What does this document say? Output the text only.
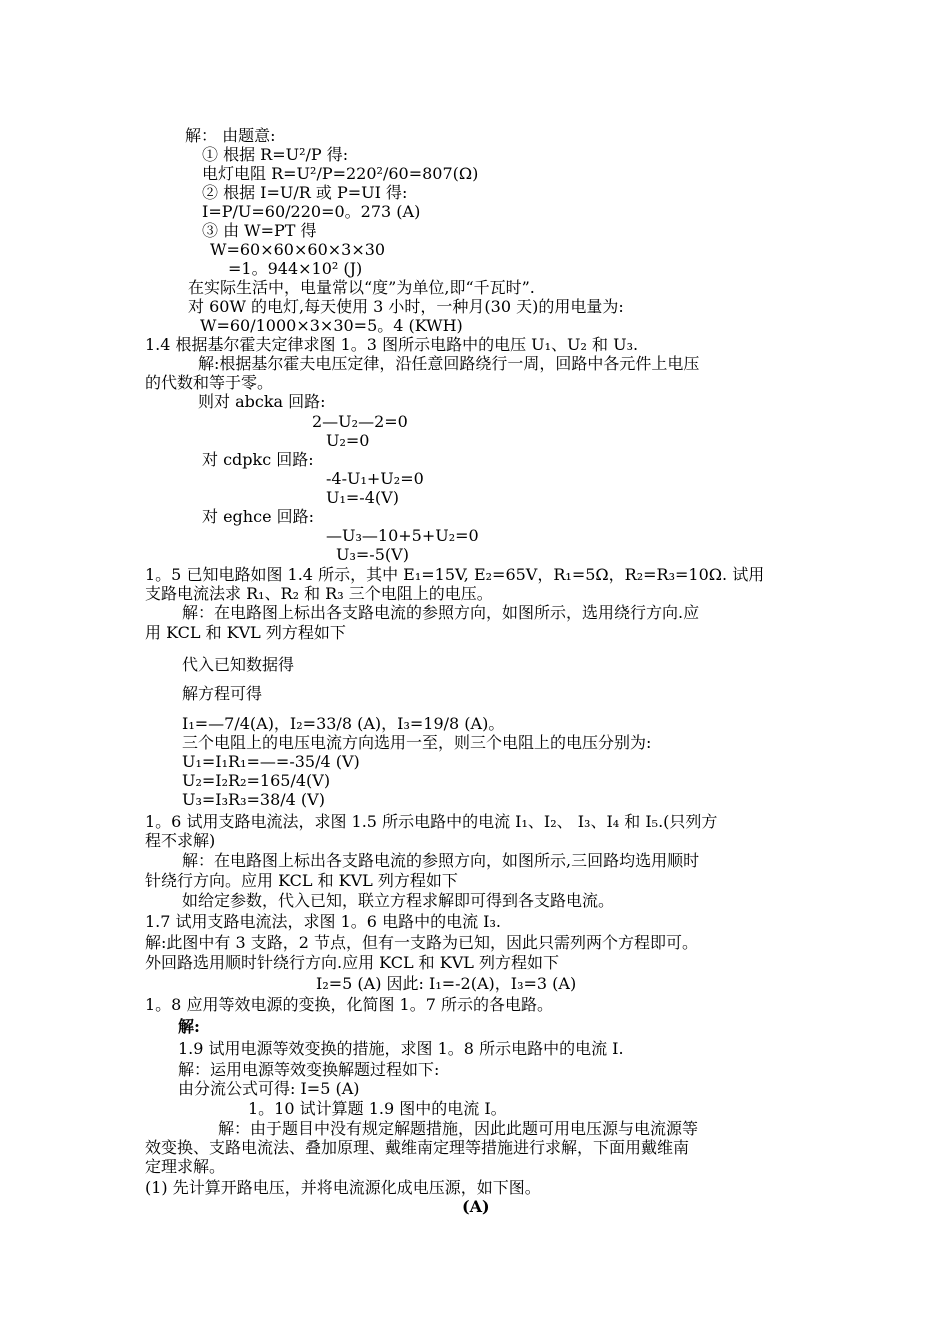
解： 由题意:
① 根据 R=U²/P 得:
电灯电阻 R=U²/P=220²/60=807(Ω)
② 根据 I=U/R 或 P=UI 得:
I=P/U=60/220=0。273 (A)
③ 由 W=PT 得
W=60×60×60×3×30
=1。944×10² (J)
在实际生活中，电量常以“度”为单位,即“千瓦时”.
对 60W 的电灯,每天使用 3 小时，一种月(30 天)的用电量为:
W=60/1000×3×30=5。4 (KWH)
1.4 根据基尔霍夫定律求图 1。3 图所示电路中的电压 U₁、U₂ 和 U₃.
解:根据基尔霍夫电压定律，沿任意回路绕行一周，回路中各元件上电压
的代数和等于零。
则对 abcka 回路:
2—U₂—2=0
U₂=0
对 cdpkc 回路:
-4-U₁+U₂=0
U₁=-4(V)
对 eghce 回路:
—U₃—10+5+U₂=0
U₃=-5(V)
1。5 已知电路如图 1.4 所示，其中 E₁=15V, E₂=65V，R₁=5Ω，R₂=R₃=10Ω. 试用
支路电流法求 R₁、R₂ 和 R₃ 三个电阻上的电压。
解：在电路图上标出各支路电流的参照方向，如图所示，选用绕行方向.应
用 KCL 和 KVL 列方程如下
代入已知数据得
解方程可得
I₁=—7/4(A)，I₂=33/8 (A)，I₃=19/8 (A)。
三个电阻上的电压电流方向选用一至，则三个电阻上的电压分别为:
U₁=I₁R₁=—=-35/4 (V)
U₂=I₂R₂=165/4(V)
U₃=I₃R₃=38/4 (V)
1。6 试用支路电流法，求图 1.5 所示电路中的电流 I₁、I₂、 I₃、I₄ 和 I₅.(只列方
程不求解)
解：在电路图上标出各支路电流的参照方向，如图所示,三回路均选用顺时
针绕行方向。应用 KCL 和 KVL 列方程如下
如给定参数，代入已知，联立方程求解即可得到各支路电流。
1.7 试用支路电流法，求图 1。6 电路中的电流 I₃.
解:此图中有 3 支路，2 节点，但有一支路为已知，因此只需列两个方程即可。
外回路选用顺时针绕行方向.应用 KCL 和 KVL 列方程如下
I₂=5 (A) 因此: I₁=-2(A)，I₃=3 (A)
1。8 应用等效电源的变换，化简图 1。7 所示的各电路。
解:
1.9 试用电源等效变换的措施，求图 1。8 所示电路中的电流 I.
解：运用电源等效变换解题过程如下:
由分流公式可得: I=5 (A)
1。10 试计算题 1.9 图中的电流 I。
解：由于题目中没有规定解题措施，因此此题可用电压源与电流源等
效变换、支路电流法、叠加原理、戴维南定理等措施进行求解，下面用戴维南
定理求解。
(1) 先计算开路电压，并将电流源化成电压源，如下图。
(A)
